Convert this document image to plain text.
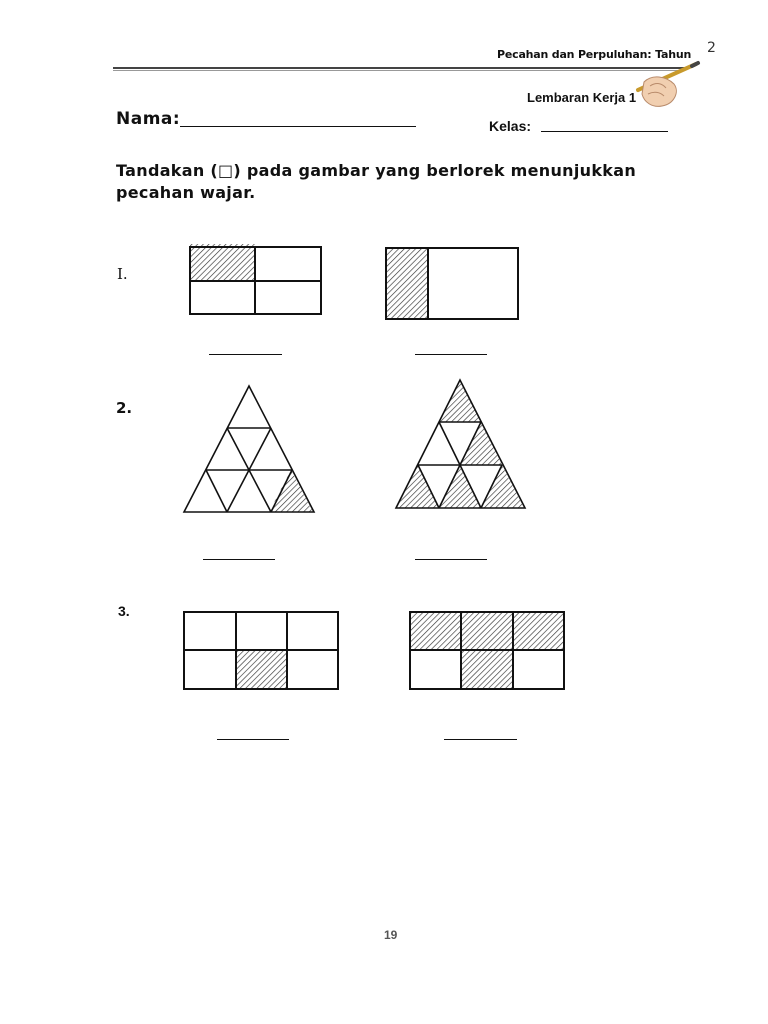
Pecahan dan Perpuluhan: Tahun 2
Lembaran Kerja 1
Nama:	Kelas:
Tandakan (□) pada gambar yang berlorek menunjukkan pecahan wajar.
I.
2.
3.
19
